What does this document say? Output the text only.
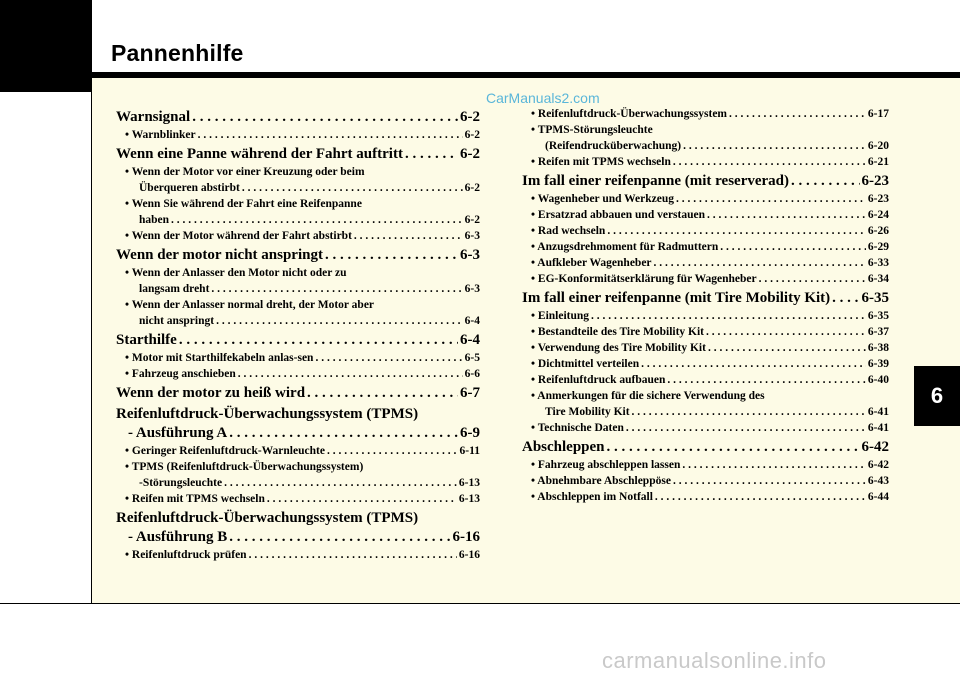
Pannenhilfe
Warnsignal . . .	6-2
• Warnblinker . . .	6-2
Wenn eine Panne während der Fahrt auftritt . . .	6-2
• Wenn der Motor vor einer Kreuzung oder beim
Überqueren abstirbt . . .	6-2
• Wenn Sie während der Fahrt eine Reifenpanne
haben . . .	6-2
• Wenn der Motor während der Fahrt abstirbt . . .	6-3
Wenn der motor nicht anspringt . . .	6-3
• Wenn der Anlasser den Motor nicht oder zu
langsam dreht . . .	6-3
• Wenn der Anlasser normal dreht, der Motor aber
nicht anspringt . . .	6-4
Starthilfe . . .	6-4
• Motor mit Starthilfekabeln anlas-sen . . .	6-5
• Fahrzeug anschieben . . .	6-6
Wenn der motor zu heiß wird . . .	6-7
Reifenluftdruck-Überwachungssystem (TPMS)
- Ausführung A . . .	6-9
• Geringer Reifenluftdruck-Warnleuchte . . .	6-11
• TPMS (Reifenluftdruck-Überwachungssystem)
-Störungsleuchte . . .	6-13
• Reifen mit TPMS wechseln . . .	6-13
Reifenluftdruck-Überwachungssystem (TPMS)
- Ausführung B . . .	6-16
• Reifenluftdruck prüfen . . .	6-16
• Reifenluftdruck-Überwachungssystem . . .	6-17
• TPMS-Störungsleuchte
(Reifendrucküberwachung) . . .	6-20
• Reifen mit TPMS wechseln . . .	6-21
Im fall einer reifenpanne (mit reserverad) . . .	6-23
• Wagenheber und Werkzeug . . .	6-23
• Ersatzrad abbauen und verstauen . . .	6-24
• Rad wechseln . . .	6-26
• Anzugsdrehmoment für Radmuttern . . .	6-29
• Aufkleber Wagenheber . . .	6-33
• EG-Konformitätserklärung für Wagenheber . . .	6-34
Im fall einer reifenpanne (mit Tire Mobility Kit) . . . 6-35
• Einleitung . . .	6-35
• Bestandteile des Tire Mobility Kit . . .	6-37
• Verwendung des Tire Mobility Kit . . .	6-38
• Dichtmittel verteilen . . .	6-39
• Reifenluftdruck aufbauen . . .	6-40
• Anmerkungen für die sichere Verwendung des
Tire Mobility Kit . . .	6-41
• Technische Daten . . .	6-41
Abschleppen . . .	6-42
• Fahrzeug abschleppen lassen . . .	6-42
• Abnehmbare Abschleppöse . . .	6-43
• Abschleppen im Notfall . . .	6-44
6
CarManuals2.com
carmanualsonline.info
